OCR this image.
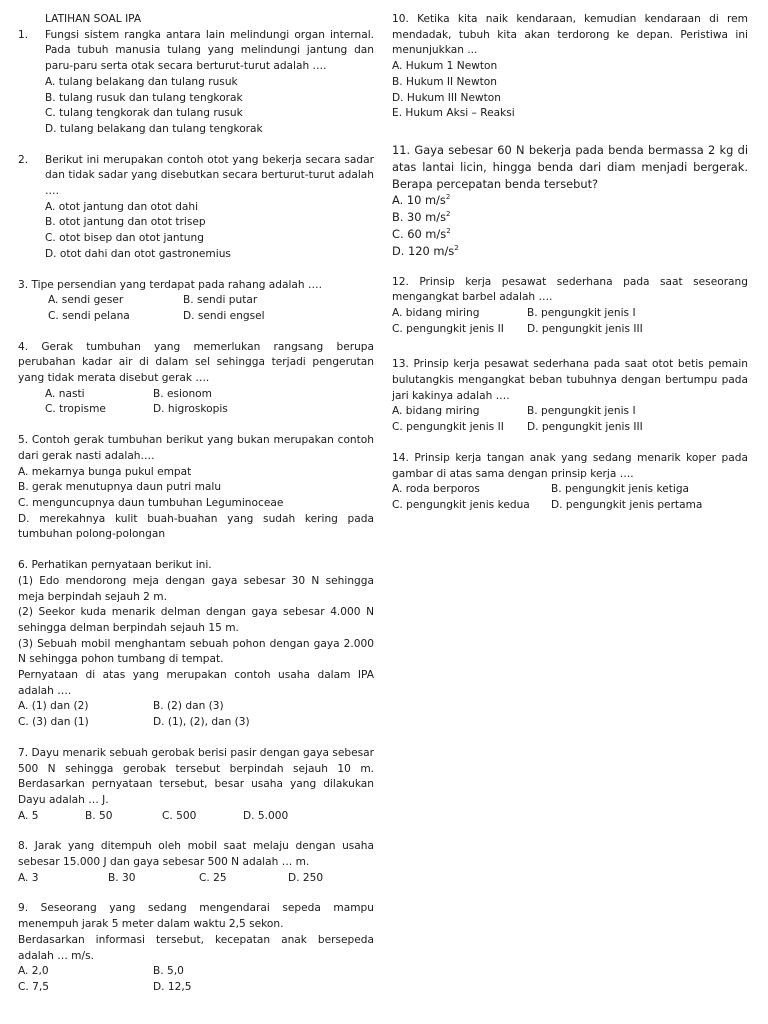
LATIHAN SOAL IPA
1.	Fungsi sistem rangka antara lain melindungi organ internal. Pada tubuh manusia tulang yang melindungi jantung dan paru-paru serta otak secara berturut-turut adalah ….
A. tulang belakang dan tulang rusuk
B. tulang rusuk dan tulang tengkorak
C. tulang tengkorak dan tulang rusuk
D. tulang belakang dan tulang tengkorak
2.	Berikut ini merupakan contoh otot yang bekerja secara sadar dan tidak sadar yang disebutkan secara berturut-turut adalah ….
A. otot jantung dan otot dahi
B. otot jantung dan otot trisep
C. otot bisep dan otot jantung
D. otot dahi dan otot gastronemius
3. Tipe persendian yang terdapat pada rahang adalah ….
A. sendi geser	B. sendi putar
C. sendi pelana	D. sendi engsel
4. Gerak tumbuhan yang memerlukan rangsang berupa perubahan kadar air di dalam sel sehingga terjadi pengerutan yang tidak merata disebut gerak ….
A. nasti	B. esionom
C. tropisme	D. higroskopis
5. Contoh gerak tumbuhan berikut yang bukan merupakan contoh dari gerak nasti adalah….
A. mekarnya bunga pukul empat
B. gerak menutupnya daun putri malu
C. menguncupnya daun tumbuhan Leguminoceae
D. merekahnya kulit buah-buahan yang sudah kering pada tumbuhan polong-polongan
6. Perhatikan pernyataan berikut ini.
(1) Edo mendorong meja dengan gaya sebesar 30 N sehingga meja berpindah sejauh 2 m.
(2) Seekor kuda menarik delman dengan gaya sebesar 4.000 N sehingga delman berpindah sejauh 15 m.
(3) Sebuah mobil menghantam sebuah pohon dengan gaya 2.000 N sehingga pohon tumbang di tempat.
Pernyataan di atas yang merupakan contoh usaha dalam IPA adalah ….
A. (1) dan (2)	B. (2) dan (3)
C. (3) dan (1)	D. (1), (2), dan (3)
7. Dayu menarik sebuah gerobak berisi pasir dengan gaya sebesar 500 N sehingga gerobak tersebut berpindah sejauh 10 m. Berdasarkan pernyataan tersebut, besar usaha yang dilakukan Dayu adalah … J.
A. 5	B. 50	C. 500	D. 5.000
8. Jarak yang ditempuh oleh mobil saat melaju dengan usaha sebesar 15.000 J dan gaya sebesar 500 N adalah … m.
A. 3	B. 30	C. 25	D. 250
9. Seseorang yang sedang mengendarai sepeda mampu menempuh jarak 5 meter dalam waktu 2,5 sekon.
Berdasarkan informasi tersebut, kecepatan anak bersepeda adalah … m/s.
A. 2,0	B. 5,0
C. 7,5	D. 12,5
10. Ketika kita naik kendaraan, kemudian kendaraan di rem mendadak, tubuh kita akan terdorong ke depan. Peristiwa ini menunjukkan ...
A. Hukum 1 Newton
B. Hukum II Newton
D. Hukum III Newton
E. Hukum Aksi – Reaksi
11. Gaya sebesar 60 N bekerja pada benda bermassa 2 kg di atas lantai licin, hingga benda dari diam menjadi bergerak. Berapa percepatan benda tersebut?
A. 10 $m/s^2$
B. 30 $m/s^2$
C. 60 $m/s^2$
D. 120 $m/s^2$
12. Prinsip kerja pesawat sederhana pada saat seseorang mengangkat barbel adalah ….
A. bidang miring	B. pengungkit jenis I
C. pengungkit jenis II	D. pengungkit jenis III
13. Prinsip kerja pesawat sederhana pada saat otot betis pemain bulutangkis mengangkat beban tubuhnya dengan bertumpu pada jari kakinya adalah ….
A. bidang miring	B. pengungkit jenis I
C. pengungkit jenis II	D. pengungkit jenis III
14. Prinsip kerja tangan anak yang sedang menarik koper pada gambar di atas sama dengan prinsip kerja ….
A. roda berporos	B. pengungkit jenis ketiga
C. pengungkit jenis kedua	D. pengungkit jenis pertama
